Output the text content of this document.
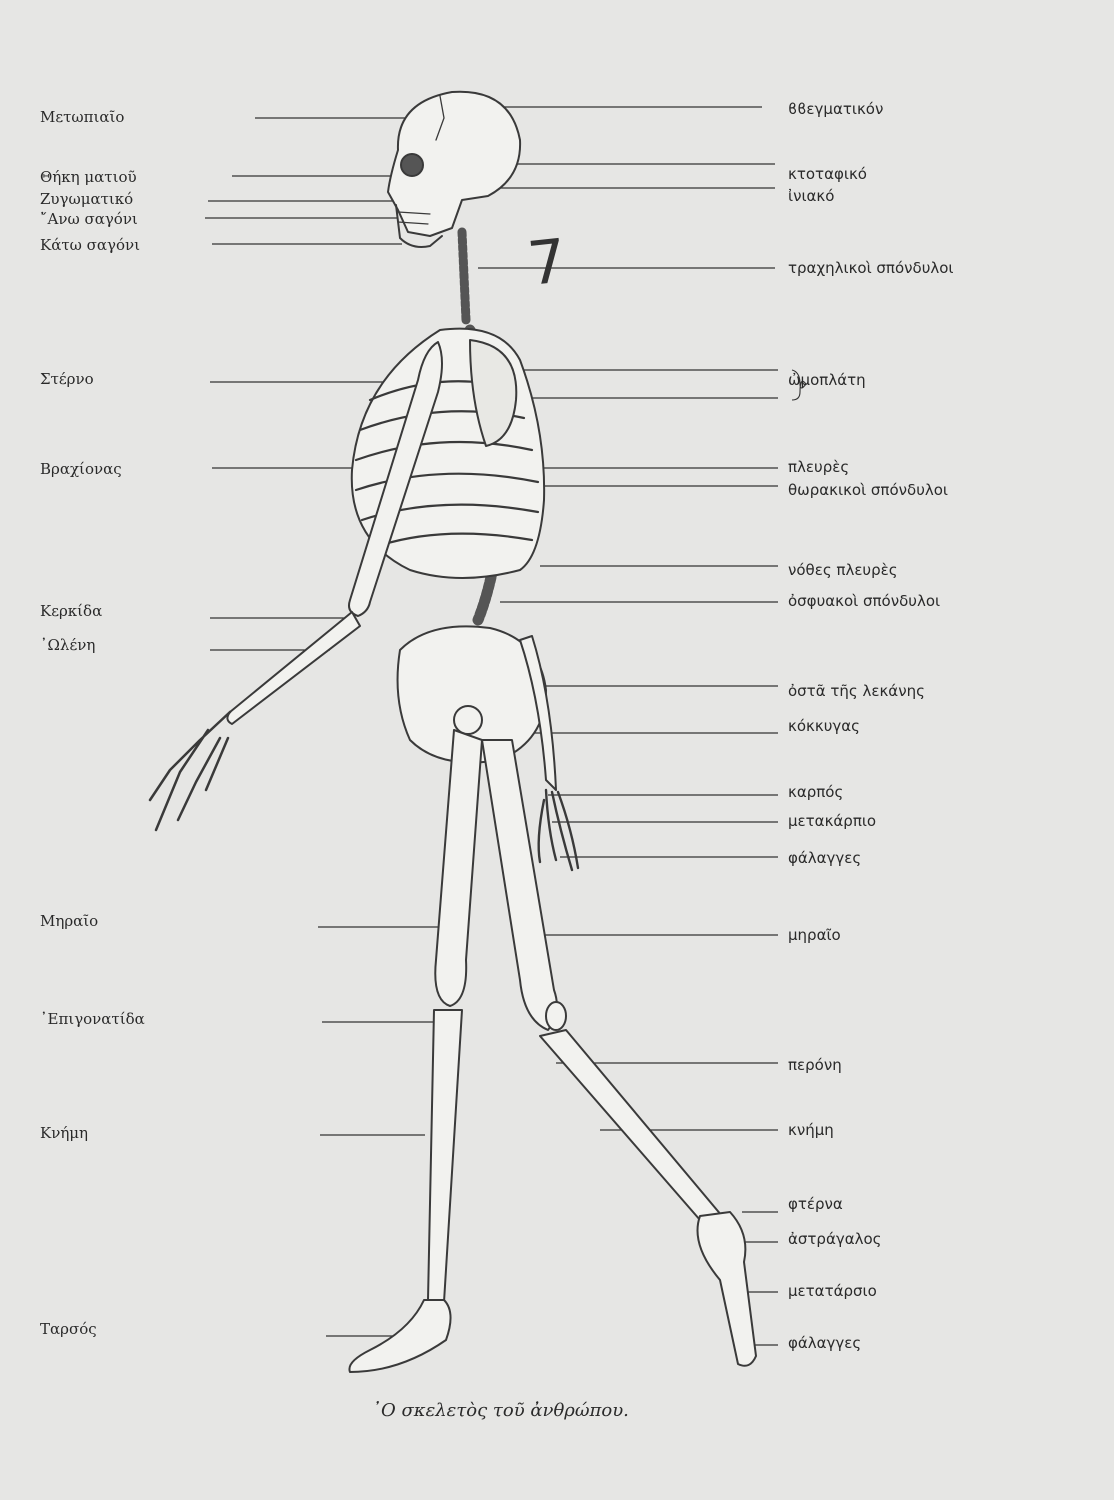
Μετωπιαῖο
Θήκη ματιοῦ
Ζυγωματικό
῎Ανω σαγόνι
Κάτω σαγόνι
Στέρνο
Βραχίονας
Κερκίδα
᾿Ωλένη
Μηραῖο
᾿Επιγονατίδα
Κνήμη
Ταρσός
ϐϐεγματικόν
κτοταφικό
ἰνιακό
τραχηλικοὶ σπόνδυλοι
ὠμοπλάτη
πλευρὲς
θωρακικοὶ σπόνδυλοι
νόθες πλευρὲς
ὀσφυακοὶ σπόνδυλοι
ὀστᾶ τῆς λεκάνης
κόκκυγας
καρπός
μετακάρπιο
φάλαγγες
μηραῖο
περόνη
κνήμη
φτέρνα
ἀστράγαλος
μετατάρσιο
φάλαγγες
7
᾿Ο σκελετὸς τοῦ ἀνθρώπου.
